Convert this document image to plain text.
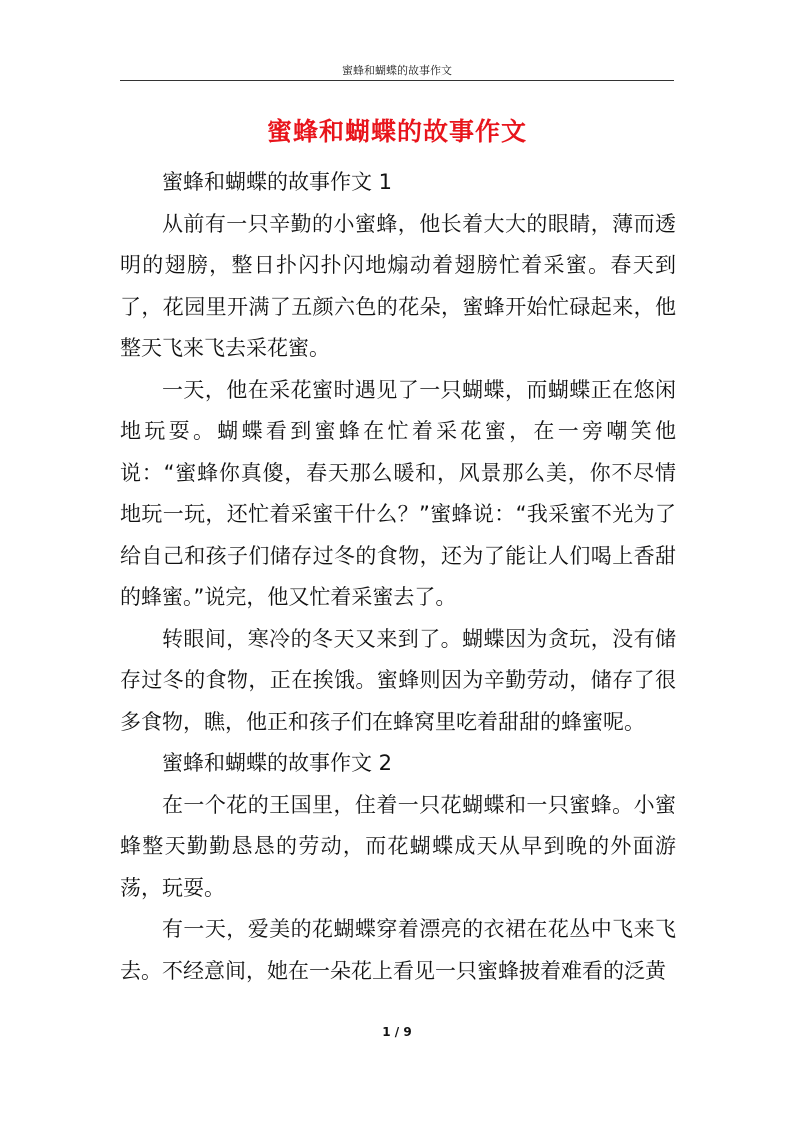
蜜蜂和蝴蝶的故事作文
蜜蜂和蝴蝶的故事作文

蜜蜂和蝴蝶的故事作文 1

从前有一只辛勤的小蜜蜂，他长着大大的眼睛，薄而透明的翅膀，整日扑闪扑闪地煽动着翅膀忙着采蜜。春天到了，花园里开满了五颜六色的花朵，蜜蜂开始忙碌起来，他整天飞来飞去采花蜜。

一天，他在采花蜜时遇见了一只蝴蝶，而蝴蝶正在悠闲地玩耍。蝴蝶看到蜜蜂在忙着采花蜜，在一旁嘲笑他说：“蜜蜂你真傻，春天那么暖和，风景那么美，你不尽情地玩一玩，还忙着采蜜干什么？”蜜蜂说：“我采蜜不光为了给自己和孩子们储存过冬的食物，还为了能让人们喝上香甜的蜂蜜。”说完，他又忙着采蜜去了。

转眼间，寒冷的冬天又来到了。蝴蝶因为贪玩，没有储存过冬的食物，正在挨饿。蜜蜂则因为辛勤劳动，储存了很多食物，瞧，他正和孩子们在蜂窝里吃着甜甜的蜂蜜呢。

蜜蜂和蝴蝶的故事作文 2

在一个花的王国里，住着一只花蝴蝶和一只蜜蜂。小蜜蜂整天勤勤恳恳的劳动，而花蝴蝶成天从早到晚的外面游荡，玩耍。

有一天，爱美的花蝴蝶穿着漂亮的衣裙在花丛中飞来飞去。不经意间，她在一朵花上看见一只蜜蜂披着难看的泛黄

1 / 9
